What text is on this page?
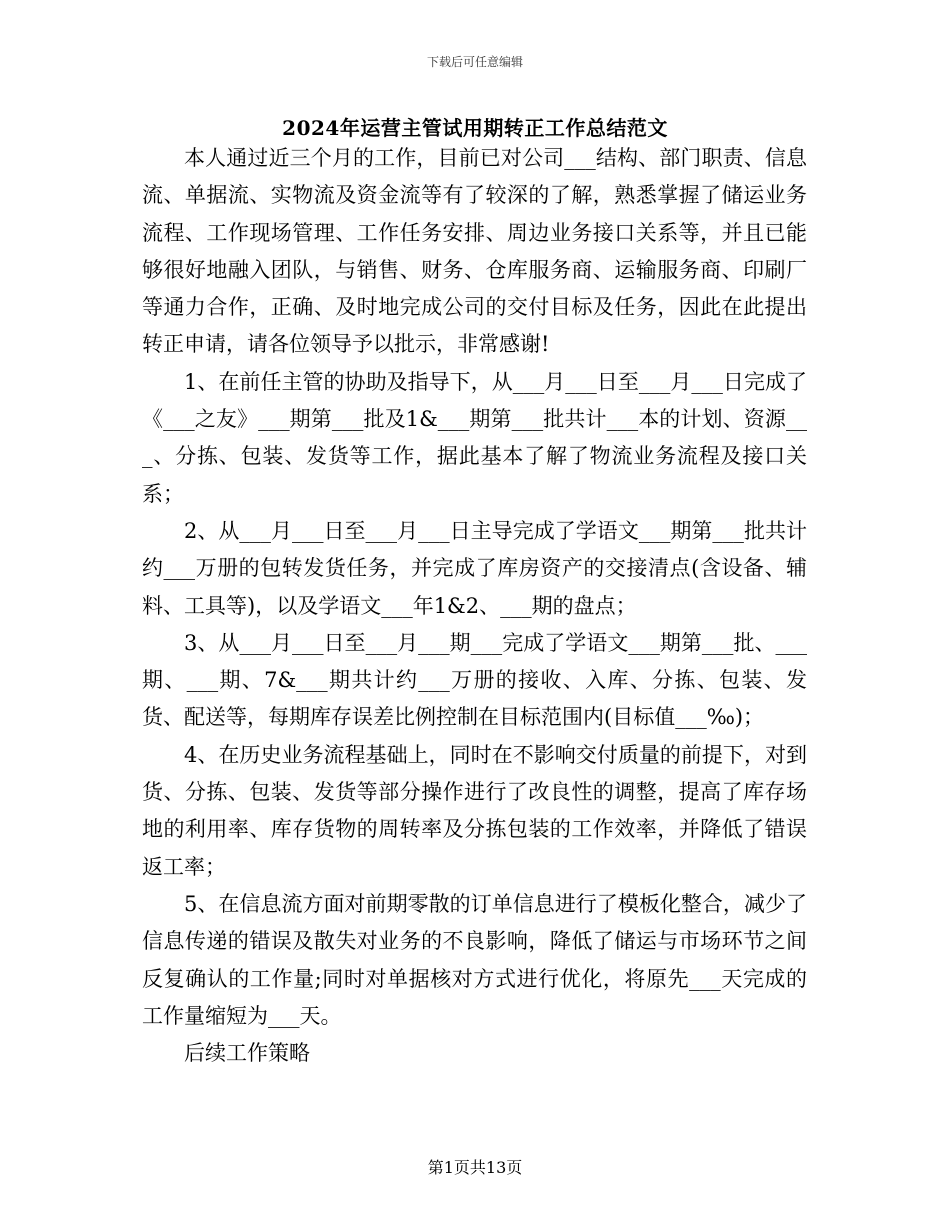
下载后可任意编辑
2024年运营主管试用期转正工作总结范文

本人通过近三个月的工作，目前已对公司___结构、部门职责、信息流、单据流、实物流及资金流等有了较深的了解，熟悉掌握了储运业务流程、工作现场管理、工作任务安排、周边业务接口关系等，并且已能够很好地融入团队，与销售、财务、仓库服务商、运输服务商、印刷厂等通力合作，正确、及时地完成公司的交付目标及任务，因此在此提出转正申请，请各位领导予以批示，非常感谢!

1、在前任主管的协助及指导下，从___月___日至___月___日完成了《___之友》___期第___批及1&___期第___批共计___本的计划、资源___、分拣、包装、发货等工作，据此基本了解了物流业务流程及接口关系；

2、从___月___日至___月___日主导完成了学语文___期第___批共计约___万册的包转发货任务，并完成了库房资产的交接清点(含设备、辅料、工具等)，以及学语文___年1&2、___期的盘点；

3、从___月___日至___月___期___完成了学语文___期第___批、___期、___期、7&___期共计约___万册的接收、入库、分拣、包装、发货、配送等，每期库存误差比例控制在目标范围内(目标值___‰)；

4、在历史业务流程基础上，同时在不影响交付质量的前提下，对到货、分拣、包装、发货等部分操作进行了改良性的调整，提高了库存场地的利用率、库存货物的周转率及分拣包装的工作效率，并降低了错误返工率；

5、在信息流方面对前期零散的订单信息进行了模板化整合，减少了信息传递的错误及散失对业务的不良影响，降低了储运与市场环节之间反复确认的工作量;同时对单据核对方式进行优化，将原先___天完成的工作量缩短为___天。

后续工作策略

第1页共13页
